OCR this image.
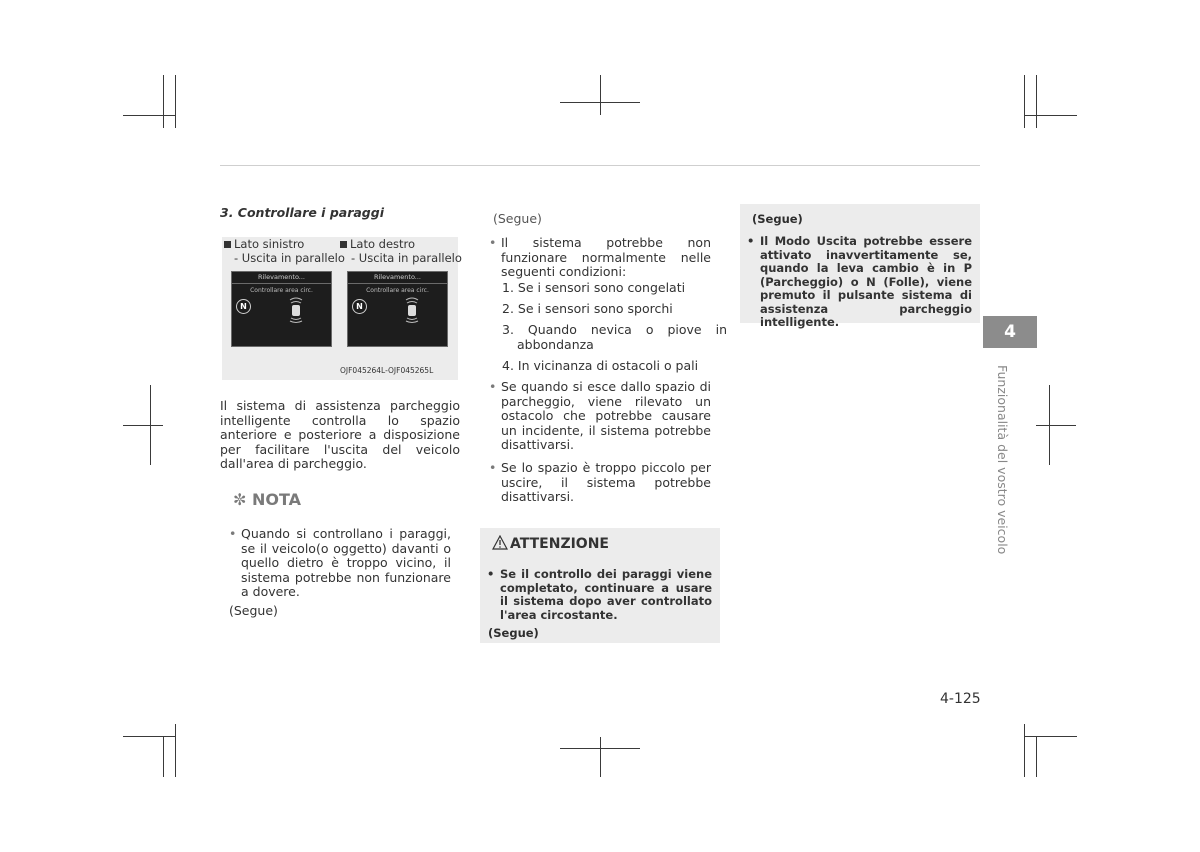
3. Controllare i paraggi
Lato sinistro
- Uscita in parallelo
Lato destro
- Uscita in parallelo
Rilevamento...
Controllare area circ.
N
Rilevamento...
Controllare area circ.
N
OJF045264L-OJF045265L
Il sistema di assistenza parcheggio intelligente controlla lo spazio anteriore e posteriore a disposizione per facilitare l'uscita del veicolo dall'area di parcheggio.
✼ NOTA
• Quando si controllano i paraggi, se il veicolo(o oggetto) davanti o quello dietro è troppo vicino, il sistema potrebbe non funzionare a dovere.
(Segue)
(Segue)
• Il sistema potrebbe non funzionare normalmente nelle seguenti condizioni:
1. Se i sensori sono congelati
2. Se i sensori sono sporchi
3. Quando nevica o piove in abbondanza
4. In vicinanza di ostacoli o pali
• Se quando si esce dallo spazio di parcheggio, viene rilevato un ostacolo che potrebbe causare un incidente, il sistema potrebbe disattivarsi.
• Se lo spazio è troppo piccolo per uscire, il sistema potrebbe disattivarsi.
ATTENZIONE
• Se il controllo dei paraggi viene completato, continuare a usare il sistema dopo aver controllato l'area circostante.
(Segue)
(Segue)
• Il Modo Uscita potrebbe essere attivato inavvertitamente se, quando la leva cambio è in P (Parcheggio) o N (Folle), viene premuto il pulsante sistema di assistenza parcheggio intelligente.	4
Funzionalità del vostro veicolo
4-125
